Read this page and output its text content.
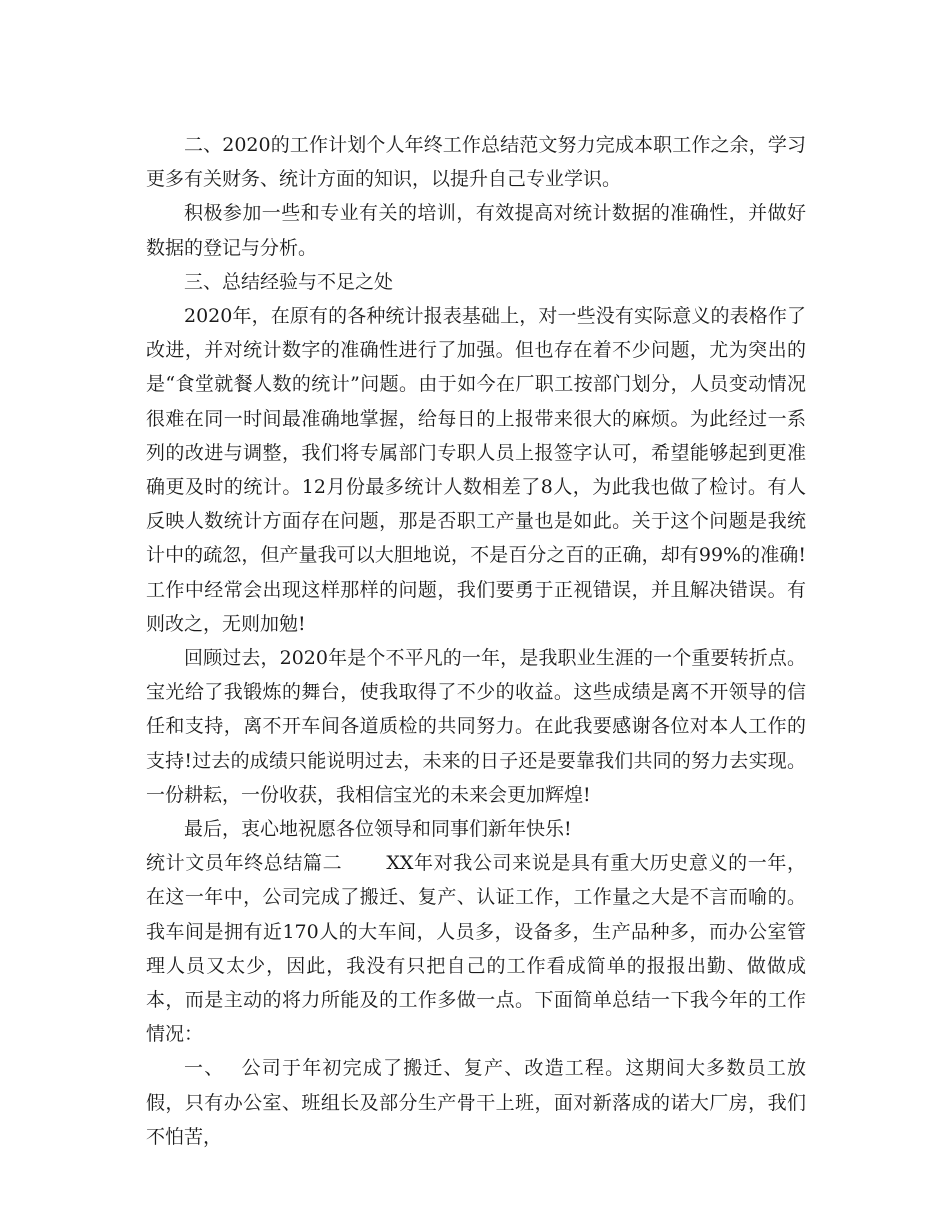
二、2020的工作计划个人年终工作总结范文努力完成本职工作之余，学习更多有关财务、统计方面的知识，以提升自己专业学识。

积极参加一些和专业有关的培训，有效提高对统计数据的准确性，并做好数据的登记与分析。

三、总结经验与不足之处

2020年，在原有的各种统计报表基础上，对一些没有实际意义的表格作了改进，并对统计数字的准确性进行了加强。但也存在着不少问题，尤为突出的是“食堂就餐人数的统计”问题。由于如今在厂职工按部门划分，人员变动情况很难在同一时间最准确地掌握，给每日的上报带来很大的麻烦。为此经过一系列的改进与调整，我们将专属部门专职人员上报签字认可，希望能够起到更准确更及时的统计。12月份最多统计人数相差了8人，为此我也做了检讨。有人反映人数统计方面存在问题，那是否职工产量也是如此。关于这个问题是我统计中的疏忽，但产量我可以大胆地说，不是百分之百的正确，却有99%的准确!工作中经常会出现这样那样的问题，我们要勇于正视错误，并且解决错误。有则改之，无则加勉!

回顾过去，2020年是个不平凡的一年，是我职业生涯的一个重要转折点。宝光给了我锻炼的舞台，使我取得了不少的收益。这些成绩是离不开领导的信任和支持，离不开车间各道质检的共同努力。在此我要感谢各位对本人工作的支持!过去的成绩只能说明过去，未来的日子还是要靠我们共同的努力去实现。一份耕耘，一份收获，我相信宝光的未来会更加辉煌!

最后，衷心地祝愿各位领导和同事们新年快乐!

统计文员年终总结篇二 XX年对我公司来说是具有重大历史意义的一年，在这一年中，公司完成了搬迁、复产、认证工作，工作量之大是不言而喻的。我车间是拥有近170人的大车间，人员多，设备多，生产品种多，而办公室管理人员又太少，因此，我没有只把自己的工作看成简单的报报出勤、做做成本，而是主动的将力所能及的工作多做一点。下面简单总结一下我今年的工作情况：

一、 公司于年初完成了搬迁、复产、改造工程。这期间大多数员工放假，只有办公室、班组长及部分生产骨干上班，面对新落成的诺大厂房，我们不怕苦，
